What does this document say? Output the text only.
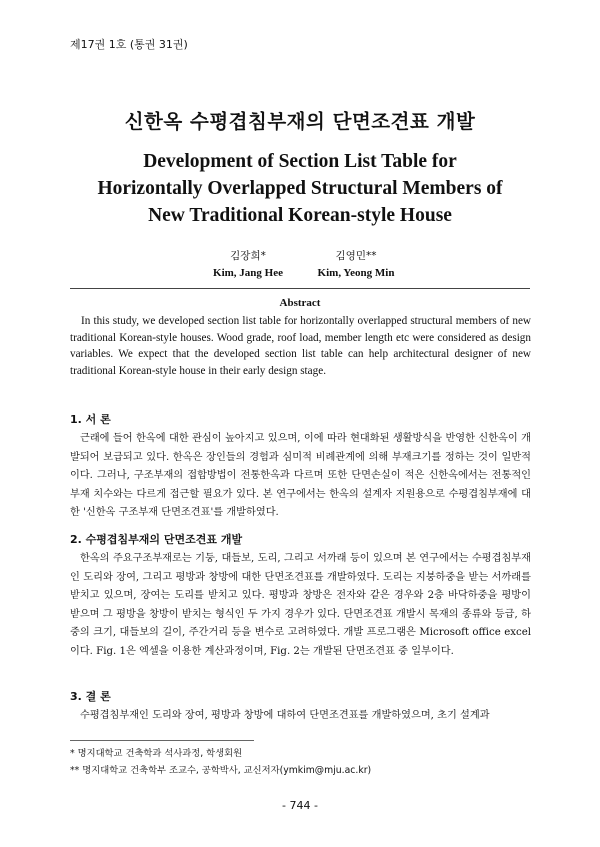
제17권 1호 (통권 31권)
신한옥 수평겹침부재의 단면조견표 개발
Development of Section List Table for Horizontally Overlapped Structural Members of New Traditional Korean-style House
김장희*
Kim, Jang Hee
김영민**
Kim, Yeong Min
Abstract

In this study, we developed section list table for horizontally overlapped structural members of new traditional Korean-style houses. Wood grade, roof load, member length etc were considered as design variables. We expect that the developed section list table can help architectural designer of new traditional Korean-style house in their early design stage.

1. 서 론

근래에 들어 한옥에 대한 관심이 높아지고 있으며, 이에 따라 현대화된 생활방식을 반영한 신한옥이 개발되어 보급되고 있다. 한옥은 장인들의 경험과 심미적 비례관계에 의해 부재크기를 정하는 것이 일반적이다. 그러나, 구조부재의 접합방법이 전통한옥과 다르며 또한 단면손실이 적은 신한옥에서는 전통적인 부재 치수와는 다르게 접근할 필요가 있다. 본 연구에서는 한옥의 설계자 지원용으로 수평겹침부재에 대한 '신한옥 구조부재 단면조견표'를 개발하였다.

2. 수평겹침부재의 단면조견표 개발

한옥의 주요구조부재로는 기둥, 대들보, 도리, 그리고 서까래 등이 있으며 본 연구에서는 수평겹침부재인 도리와 장여, 그리고 평방과 창방에 대한 단면조견표를 개발하였다. 도리는 지붕하중을 받는 서까래를 받치고 있으며, 장여는 도리를 받치고 있다. 평방과 창방은 전자와 같은 경우와 2층 바닥하중을 평방이 받으며 그 평방을 창방이 받치는 형식인 두 가지 경우가 있다. 단면조견표 개발시 목재의 종류와 등급, 하중의 크기, 대들보의 길이, 주간거리 등을 변수로 고려하였다. 개발 프로그램은 Microsoft office excel 이다. Fig. 1은 엑셀을 이용한 계산과정이며, Fig. 2는 개발된 단면조견표 중 일부이다.

3. 결 론

수평겹침부재인 도리와 장여, 평방과 창방에 대하여 단면조견표를 개발하였으며, 초기 설계과

* 명지대학교 건축학과 석사과정, 학생회원
** 명지대학교 건축학부 조교수, 공학박사, 교신저자(ymkim@mju.ac.kr)
- 744 -
